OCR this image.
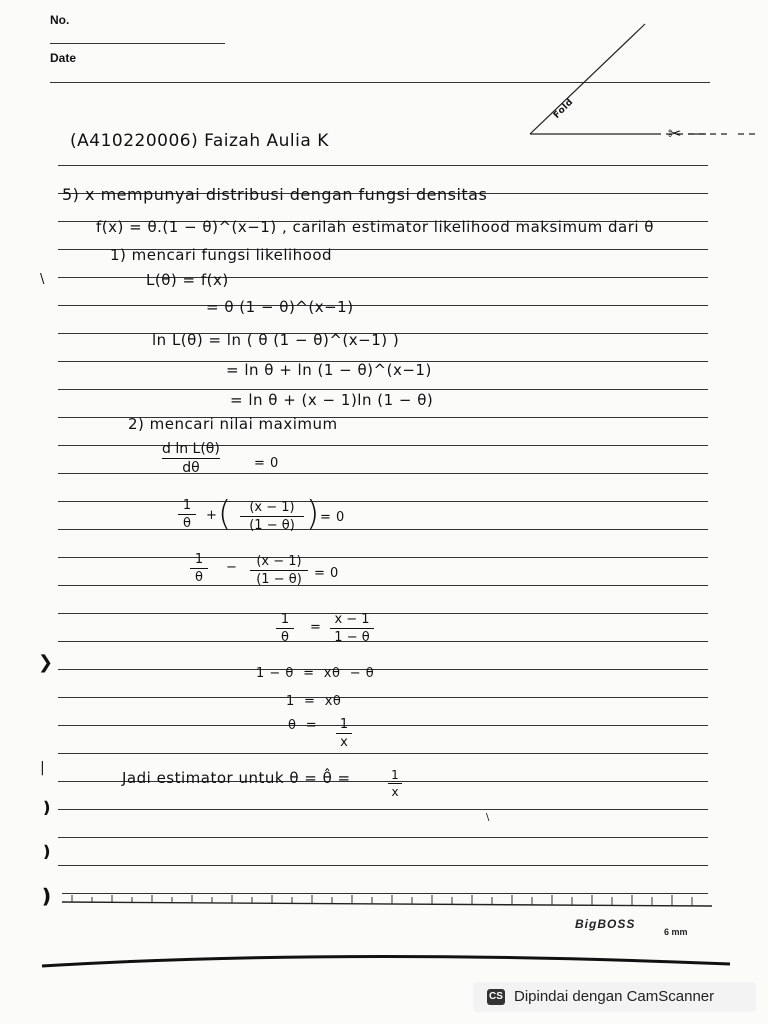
No.
Date
Fold
✂
\
❯
|
❫
❫
❫
(A410220006) Faizah Aulia K
5) x mempunyai distribusi dengan fungsi densitas
f(x) = θ.(1 − θ)^(x−1) , carilah estimator likelihood maksimum dari θ
1) mencari fungsi likelihood
L(θ) = f(x)
= θ (1 − θ)^(x−1)
ln L(θ) = ln ( θ (1 − θ)^(x−1) )
= ln θ + ln (1 − θ)^(x−1)
= ln θ + (x − 1)ln (1 − θ)
2) mencari nilai maximum
d ln L(θ)
dθ	= 0
1
θ
+ (	(x − 1)
(1 − θ) ) = 0
1
θ
−	(x − 1)
(1 − θ) = 0
1
θ
=
x − 1
1 − θ
1 − θ  =  xθ  − θ
1  =  xθ
θ  = 1
x
Jadi estimator untuk θ = θ̂ =	1
x
\
BigBOSS
6 mm
CS Dipindai dengan CamScanner
